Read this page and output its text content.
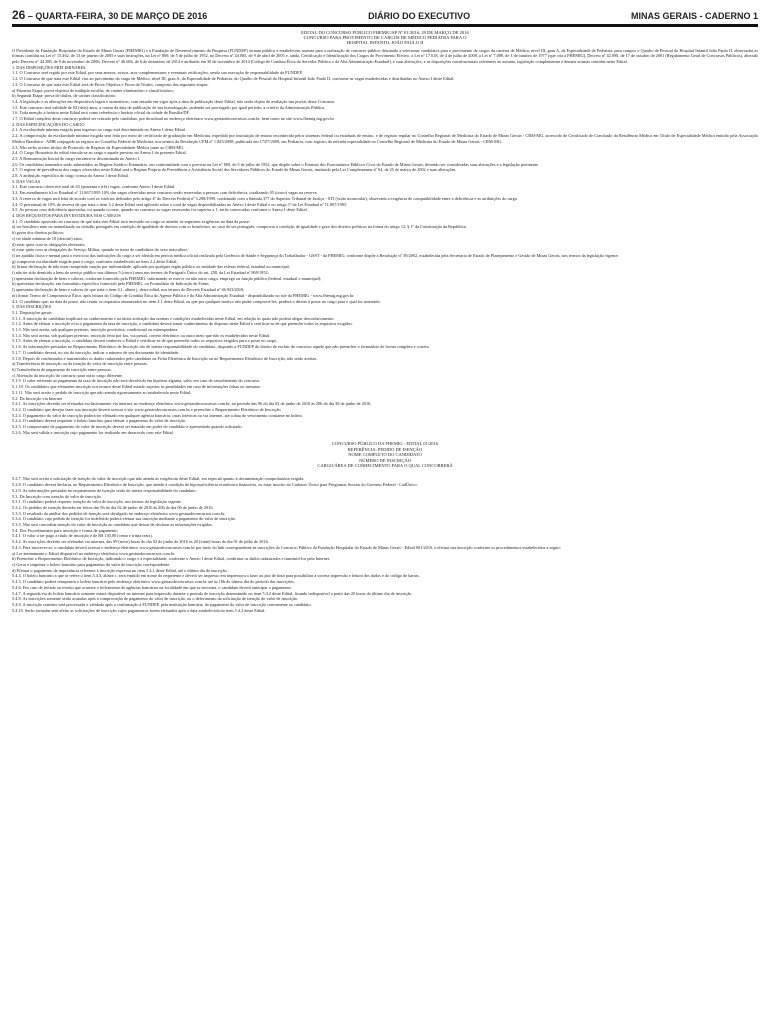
26 – QUARTA-FEIRA, 30 DE MARÇO DE 2016	DIÁRIO DO EXECUTIVO	MINAS GERAIS - CADERNO 1
EDITAL DO CONCURSO PÚBLICO FHEMIG/SP Nº 01/2016, 29 DE MARÇO DE 2016
CONCURSO PARA PROVIMENTO DE CARGOS DE MÉDICO PEDIATRA PARA O
HOSPITAL INFANTIL JOÃO PAULO II

O Presidente da Fundação Hospitalar do Estado de Minas Gerais (FHEMIG) e a Fundação de Desenvolvimento da Pesquisa (FUNDEP) tornam público e estabelecem normas para a realização de concurso público destinado a selecionar candidatos para o provimento de cargos da carreira de Médico, nível III, grau A, da Especialidade de Pediatria, para compor o Quadro de Pessoal do Hospital Infantil João Paulo II, observadas as formas contidas na Lei nº 15.462, de 13 de janeiro de 2005 e suas instruções, na Lei nº 869, de 5 de julho de 1952, no Decreto nº 44.085, de 9 de abril de 2005 e, ainda, Certificação e Identificação dos Cargos do Provimento Efetivo, a Lei nº 17.618, de 4 de julho de 2008, a Lei nº 7.088, de 3 de outubro de 1977 (que cria a FHEMIG), Decreto nº 42.090, de 17 de outubro de 2001 (Regulamento Geral de Concursos Públicos), alterado pelo Decreto nº 44.388, de 9 de novembro de 2006; Decreto nº 46.684, de 6 de dezembro de 2014 e atribuído em 30 de novembro de 2014 (Código de Conduta Ética do Servidor Público e da Alta Administração Estadual), e suas alterações, e as disposições constitucionais referentes ao assunto, legislação complementar e demais normas contidas neste Edital.

1. DAS DISPOSIÇÕES PRELIMINARES

1.1. O Concurso será regido por este Edital, por seus anexos, avisos, atos complementares e eventuais retificações, sendo sua execução de responsabilidade da FUNDEP.

1.2. O Concurso de que trata este Edital visa ao provimento do cargo de Médico, nível III, grau A, da Especialidade de Pediatria, do Quadro de Pessoal do Hospital Infantil João Paulo II, conforme as vagas estabelecidas e distribuídas no Anexo I deste Edital.

1.3. O Concurso de que trata este Edital será de Prova Objetiva e Prova de Títulos, composto das seguintes etapas:

a) Primeira Etapa: prova objetiva de múltipla escolha, de caráter eliminatório e classificatório;

b) Segunda Etapa: prova de títulos, de caráter classificatório.

1.4. A legislação e as alterações em dispositivos legais e normativos, com entrada em vigor após a data de publicação deste Edital, não serão objeto de avaliação nas provas deste Concurso.

1.5. Este concurso terá validade de 02 (dois) anos, a contar da data de publicação de sua homologação, podendo ser prorrogado por igual período, a critério da Administração Pública.

1.6. Toda menção a horário neste Edital terá como referência o horário oficial da cidade de Brasília/DF.

1.7. O Edital completo deste concurso poderá ser retirado pelo candidato, por download no endereço eletrônico www.gestaodeconcursos.com.br, bem como no site www.fhemig.mg.gov.br.

2. DAS ESPECIFICAÇÕES DO CARGO

2.1. A escolaridade mínima exigida para ingresso no cargo está discriminada no Anexo I deste Edital.

2.2. A comprovação da escolaridade mínima exigida será feita por meio de certificado de graduação em Medicina, expedido por instituição de ensino reconhecida pelos sistemas federal ou estaduais de ensino, e de registro regular no Conselho Regional de Medicina do Estado de Minas Gerais - CRM-MG, acrescido de Certificado de Conclusão da Residência Médica em Título de Especialidade Médica emitido pela Associação Médica Brasileira - AMB conjugado ao registro no Conselho Federal de Medicina, nos termos da Resolução CFM nº 1.845/2008, publicada em 17/07/2008, em Pediatria, com registro da referida especialidade no Conselho Regional de Medicina do Estado de Minas Gerais - CRM-MG.

2.3. Não serão aceitos títulos de Protocolo de Registro da Especialidade Médica junto ao CRM-MG.

2.4. O Cargo Honorário do edital vincula-se ao cargo e aquele previsto no Anexo I do presente Edital.

2.5. A Remuneração Inicial do cargo encontra-se discriminada no Anexo I.

2.6. Os candidatos nomeados serão submetidos ao Regime Jurídico Estatutário, em conformidade com o previsto na Lei nº 869, de 5 de julho de 1952, que dispõe sobre o Estatuto dos Funcionários Públicos Civis do Estado de Minas Gerais, devendo ser consideradas suas alterações e a legislação pertinente.

2.7. O regime de previdência dos cargos oferecidos neste Edital será o Regime Próprio de Previdência e Assistência Social dos Servidores Públicos do Estado de Minas Gerais, instituído pela Lei Complementar nº 64, de 25 de março de 2002 e suas alterações.

2.8. A atribuição específica do cargo consta do Anexo I deste Edital.

3. DAS VAGAS

3.1. Este concurso oferecerá total de 43 (quarenta e três) vagas, conforme Anexo I deste Edital.

3.2. Em atendimento à Lei Estadual nº 11.867/1995 10% das vagas oferecidas neste concurso serão reservadas a pessoas com deficiência, totalizando 05 (cinco) vagas na reserva.

3.3. A reserva de vagas será feita de acordo com os critérios definidos pelo artigo 4º do Decreto Federal nº 3.298/1999, combinado com a Súmula 377 do Superior Tribunal de Justiça - STJ (visão monocular), observada a exigência de compatibilidade entre a deficiência e as atribuições do cargo.

3.4. O percentual de 10% de reserva de que trata o item 3.2 deste Edital será aplicado sobre o total de vagas disponibilizadas no Anexo I deste Edital e no artigo 1º da Lei Estadual nº 11.867/1995.

3.5. As pessoas com deficiência aprovadas, ou quando ocorrer, quando no concurso as vagas reservadas for superior a 1, serão convocadas conforme o Anexo I deste Edital.

4. DOS REQUISITOS PARA INVESTIDURA NOS CARGOS

4.1. O candidato aprovado no concurso de que trata este Edital será investido no cargo se atender às seguintes exigências na data da posse:

a) ser brasileiro nato ou naturalizado ou cidadão português em condição de igualdade de direitos com os brasileiros, no caso de ser português, comprovar a condição de igualdade e gozo dos direitos políticos na forma do artigo 12, § 1º da Constituição da República;

b) gozar dos direitos políticos;

c) ter idade mínima de 18 (dezoito) anos;

d) estar quite com as obrigações eleitorais;

e) estar quite com as obrigações do Serviço Militar, quando se tratar de candidatos do sexo masculino;

f) ter aptidão física e mental para o exercício das atribuições do cargo a ser aferida em perícia médica oficial realizada pela Gerência de Saúde e Segurança do Trabalhador - GSST - da FHEMIG, conforme dispõe a Resolução nº 39/2002, estabelecida pela Secretaria de Estado de Planejamento e Gestão de Minas Gerais, nos termos da legislação vigente;

g) comprovar escolaridade exigida para o cargo, conforme estabelecido no item 2.2 deste Edital;

h) firmar declaração de não estar cumprindo sanção por inidoneidade, aplicada por qualquer órgão público ou entidade das esferas federal, estadual ou municipal;

i) não ter sido demitido a bem do serviço público nos últimos 5 (cinco) anos nos termos do Parágrafo Único do art. 258, da Lei Estadual nº 869/1952;

j) apresentar declaração de bens e valores, conforme fornecido pela FHEMIG, informando se exerce ou não outro cargo, emprego ou função pública (federal, estadual e municipal);

k) apresentar declaração, em formulário específico fornecido pela FHEMIG, ou Formulário de Indicação de Fonte;

l) apresentar declaração de bens e valores de que trata o item 4.1, alínea j, deste edital, nos termos do Decreto Estadual nº 46.933/2016;

m) firmar Termo de Compromisso Ético, após leitura do Código de Conduta Ética do Agente Público e da Alta Administração Estadual - disponibilizado no site da FHEMIG - www.fhemig.mg.gov.br.

4.2. O candidato que, na data da posse, não reunir os requisitos enumerados no item 4.1 deste Edital, ou que por qualquer motivo não puder comprová-los, perderá o direito à posse no cargo para o qual for nomeado.

5. DAS INSCRIÇÕES

5.1. Disposições gerais

5.1.1. A inscrição do candidato implicará no conhecimento e na tácita aceitação das normas e condições estabelecidas neste Edital, em relação às quais não poderá alegar desconhecimento.

5.1.2. Antes de efetuar a inscrição e/ou o pagamento da taxa de inscrição, o candidato deverá tomar conhecimento do disposto neste Edital e certificar-se de que preenche todos os requisitos exigidos.

5.1.3. Não será aceita, sob qualquer pretexto, inscrição provisória, condicional ou extemporânea.

5.1.4. Não será aceita, sob qualquer pretexto, inscrição feita por fax, via postal, correio eletrônico ou outro meio que não os estabelecidos neste Edital.

5.1.5. Antes de efetuar a inscrição, o candidato deverá conhecer o Edital e certificar-se de que preenche todos os requisitos exigidos para a posse no cargo.

5.1.6. As informações prestadas no Requerimento Eletrônico de Inscrição são de inteira responsabilidade do candidato, dispondo a FUNDEP do direito de excluir do concurso aquele que não preencher o formulário de forma completa e correta.

5.1.7. O candidato deverá, no ato da inscrição, indicar o número de seu documento de identidade.

5.1.8. Depois de confirmados e transmitidos os dados cadastrados pelo candidato na Ficha Eletrônica de Inscrição ou no Requerimento Eletrônico de Inscrição, não serão aceitas:

a) Transferência de inscrição ou da isenção do valor de inscrição entre pessoas.

b) Transferência de pagamento de inscrição entre pessoas.

c) Alteração da inscrição do concurso para outro cargo diferente.

5.1.9. O valor referente ao pagamento da taxa de inscrição não será devolvido em hipótese alguma, salvo em caso de cancelamento do concurso.

5.1.10. Os candidatos que efetuarem inscrição nos termos deste Edital estarão sujeitos às penalidades em caso de informações falsas ou inexatas.

5.1.11. Não será aceito o pedido de inscrição que não atenda rigorosamente ao estabelecido neste Edital.

5.2. Da Inscrição via Internet

5.2.1. As inscrições deverão ser efetuadas exclusivamente via internet, no endereço eletrônico www.gestaodeconcursos.com.br, no período das 9h do dia 02 de junho de 2016 às 20h do dia 30 de junho de 2016.

5.2.2. O candidato que desejar fazer sua inscrição deverá acessar o site www.gestaodeconcursos.com.br e preencher o Requerimento Eletrônico de Inscrição.

5.2.3. O pagamento do valor de inscrição poderá ser efetuado em qualquer agência bancária, casas lotéricas ou via internet, até a data do vencimento constante no boleto.

5.2.4. O candidato deverá imprimir o boleto bancário para efetuar o pagamento do valor de inscrição.

5.2.5. O comprovante de pagamento do valor de inscrição deverá ser mantido em poder do candidato e apresentado quando solicitado.

5.2.6. Não será válida a inscrição cujo pagamento for realizado em desacordo com este Edital.

CONCURSO PÚBLICO DA FHEMIG - EDITAL 01/2016
REFERÊNCIA: PEDIDO DE ISENÇÃO
NOME COMPLETO DO CANDIDATO
NÚMERO DE INSCRIÇÃO
CARGO/ÁREA DE CONHECIMENTO PARA O QUAL CONCORRERÁ

5.2.7. Não será aceita a solicitação de isenção do valor de inscrição que não atenda às exigências deste Edital, em especial quanto à documentação comprobatória exigida.

5.2.8. O candidato deverá declarar, no Requerimento Eletrônico de Inscrição, que atende à condição de hipossuficiência econômica financeira, ou estar inscrito no Cadastro Único para Programas Sociais do Governo Federal - CadÚnico.

5.2.9. As informações prestadas no requerimento de isenção serão de inteira responsabilidade do candidato.

5.3. Da Inscrição com isenção do valor de inscrição

5.3.1. O candidato poderá requerer isenção do valor de inscrição, nos termos da legislação vigente.

5.3.2. Os pedidos de isenção deverão ser feitos das 9h do dia 02 de junho de 2016 às 20h do dia 06 de junho de 2016.

5.3.3. O resultado da análise dos pedidos de isenção será divulgado no endereço eletrônico www.gestaodeconcursos.com.br.

5.3.4. O candidato cujo pedido de isenção for indeferido poderá efetuar sua inscrição mediante o pagamento do valor de inscrição.

5.3.5. Não será concedida isenção do valor de inscrição ao candidato que deixar de declarar as informações exigidas.

5.4. Dos Procedimentos para inscrição e forma de pagamento

5.4.1. O valor a ser pago a título de inscrição é de R$ 130,00 (cento e trinta reais).

5.4.2. As inscrições deverão ser efetuadas via internet, das 09 (nove) horas do dia 02 de junho de 2016 às 20 (vinte) horas do dia 01 de julho de 2016.

5.4.3. Para inscrever-se, o candidato deverá acessar o endereço eletrônico www.gestaodeconcursos.com.br por meio do link correspondente às inscrições do Concurso Público da Fundação Hospitalar do Estado de Minas Gerais - Edital 001/2016, e efetuar sua inscrição conforme os procedimentos estabelecidos a seguir:

a) Ler atentamente o Edital disponível no endereço eletrônico www.gestaodeconcursos.com.br.

b) Preencher o Requerimento Eletrônico de Inscrição, indicando o cargo e a especialidade, conforme o Anexo I deste Edital, confirmar os dados cadastrados e transmiti-los pela Internet.

c) Gerar e imprimir o boleto bancário para pagamento do valor de inscrição correspondente.

d) Efetuar o pagamento da importância referente à inscrição expressa no item 5.4.1 deste Edital, até o último dia de inscrição.

5.4.4. O boleto bancário a que se refere o item 5.4.3, alínea c, será emitido em nome do requerente e deverá ser impresso em impressora a laser ou jato de tinta para possibilitar a correta impressão e leitura dos dados e do código de barras.

5.4.5. O candidato poderá reimprimir o boleto bancário pelo endereço eletrônico www.gestaodeconcursos.com.br até às 16h do último dia do período das inscrições.

5.4.6. Em caso de feriado ou evento que acarrete o fechamento de agências bancárias na localidade em que se encontra, o candidato deverá antecipar o pagamento.

5.4.7. A segunda via do boleto bancário somente estará disponível na internet para impressão durante o período de inscrição determinado no item 5.4.2 deste Edital, ficando indisponível a partir das 20 horas do último dia de inscrição.

5.4.8. As inscrições somente serão acatadas após a comprovação de pagamento do valor de inscrição, ou o deferimento da solicitação de isenção do valor de inscrição.

5.4.9. A inscrição somente será processada e validada após a confirmação à FUNDEP, pela instituição bancária, do pagamento do valor de inscrição concernente ao candidato.

5.4.10. Serão tornadas sem efeito as solicitações de inscrição cujos pagamentos forem efetuados após a data estabelecida no item 5.4.2 deste Edital.
